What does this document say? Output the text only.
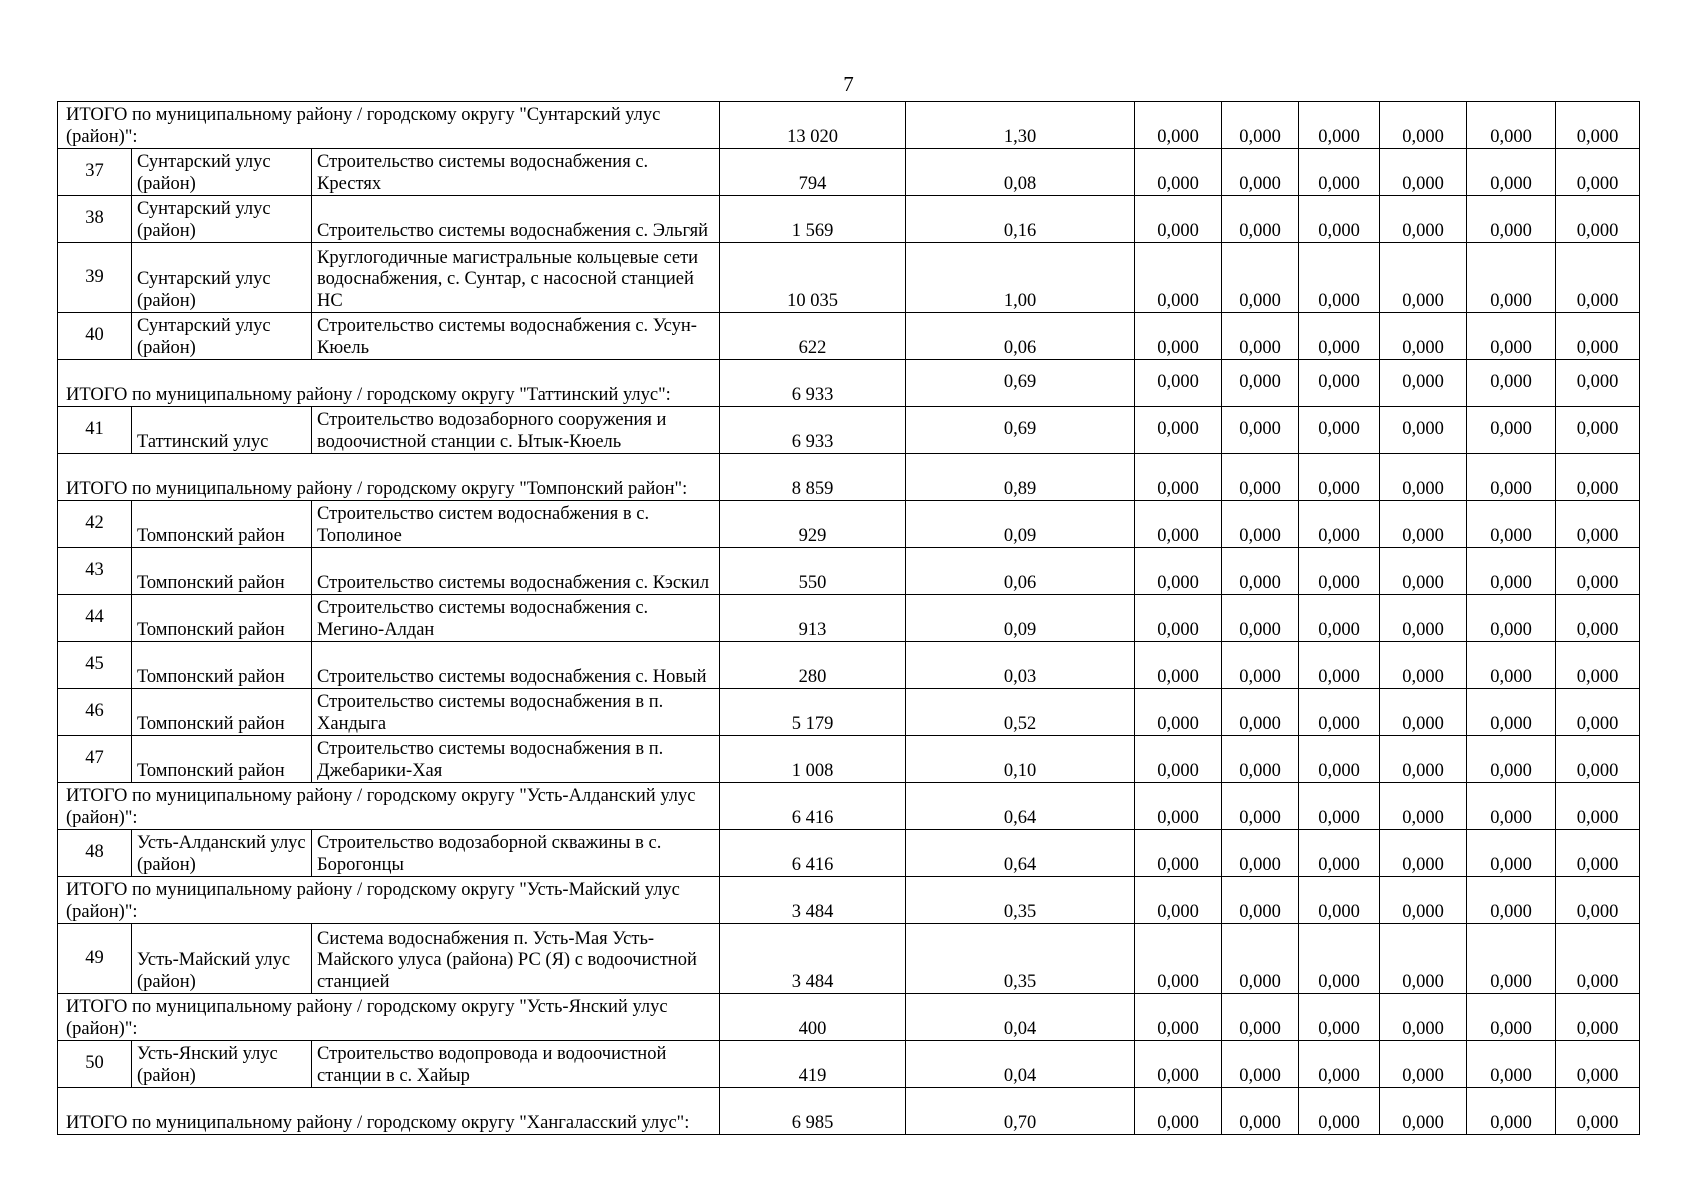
7
ИТОГО по муниципальному району / городскому округу "Сунтарский улус (район)":			13 020	1,30	0,000	0,000	0,000	0,000	0,000	0,000
37	Сунтарский улус (район)	Строительство системы водоснабжения с. Крестях	794	0,08	0,000	0,000	0,000	0,000	0,000	0,000
38	Сунтарский улус (район)	Строительство системы водоснабжения с. Эльгяй	1 569	0,16	0,000	0,000	0,000	0,000	0,000	0,000
39	Сунтарский улус (район)	Круглогодичные магистральные кольцевые сети водоснабжения, с. Сунтар, с насосной станцией НС	10 035	1,00	0,000	0,000	0,000	0,000	0,000	0,000
40	Сунтарский улус (район)	Строительство системы водоснабжения с. Усун-Кюель	622	0,06	0,000	0,000	0,000	0,000	0,000	0,000
ИТОГО по муниципальному району / городскому округу "Таттинский улус":			6 933	0,69	0,000	0,000	0,000	0,000	0,000	0,000
41	Таттинский улус	Строительство водозаборного сооружения и водоочистной станции с. Ытык-Кюель	6 933	0,69	0,000	0,000	0,000	0,000	0,000	0,000
ИТОГО по муниципальному району / городскому округу "Томпонский район":			8 859	0,89	0,000	0,000	0,000	0,000	0,000	0,000
42	Томпонский район	Строительство систем водоснабжения в с. Тополиное	929	0,09	0,000	0,000	0,000	0,000	0,000	0,000
43	Томпонский район	Строительство системы водоснабжения с. Кэскил	550	0,06	0,000	0,000	0,000	0,000	0,000	0,000
44	Томпонский район	Строительство системы водоснабжения с. Мегино-Алдан	913	0,09	0,000	0,000	0,000	0,000	0,000	0,000
45	Томпонский район	Строительство системы водоснабжения с. Новый	280	0,03	0,000	0,000	0,000	0,000	0,000	0,000
46	Томпонский район	Строительство системы водоснабжения в п. Хандыга	5 179	0,52	0,000	0,000	0,000	0,000	0,000	0,000
47	Томпонский район	Строительство системы водоснабжения в п. Джебарики-Хая	1 008	0,10	0,000	0,000	0,000	0,000	0,000	0,000
ИТОГО по муниципальному району / городскому округу "Усть-Алданский улус (район)":			6 416	0,64	0,000	0,000	0,000	0,000	0,000	0,000
48	Усть-Алданский улус (район)	Строительство водозаборной скважины в с. Борогонцы	6 416	0,64	0,000	0,000	0,000	0,000	0,000	0,000
ИТОГО по муниципальному району / городскому округу "Усть-Майский улус (район)":			3 484	0,35	0,000	0,000	0,000	0,000	0,000	0,000
49	Усть-Майский улус (район)	Система водоснабжения п. Усть-Мая Усть-Майского улуса (района) РС (Я) с водоочистной станцией	3 484	0,35	0,000	0,000	0,000	0,000	0,000	0,000
ИТОГО по муниципальному району / городскому округу "Усть-Янский улус (район)":			400	0,04	0,000	0,000	0,000	0,000	0,000	0,000
50	Усть-Янский улус (район)	Строительство водопровода и водоочистной станции в с. Хайыр	419	0,04	0,000	0,000	0,000	0,000	0,000	0,000
ИТОГО по муниципальному району / городскому округу "Хангаласский улус":			6 985	0,70	0,000	0,000	0,000	0,000	0,000	0,000
